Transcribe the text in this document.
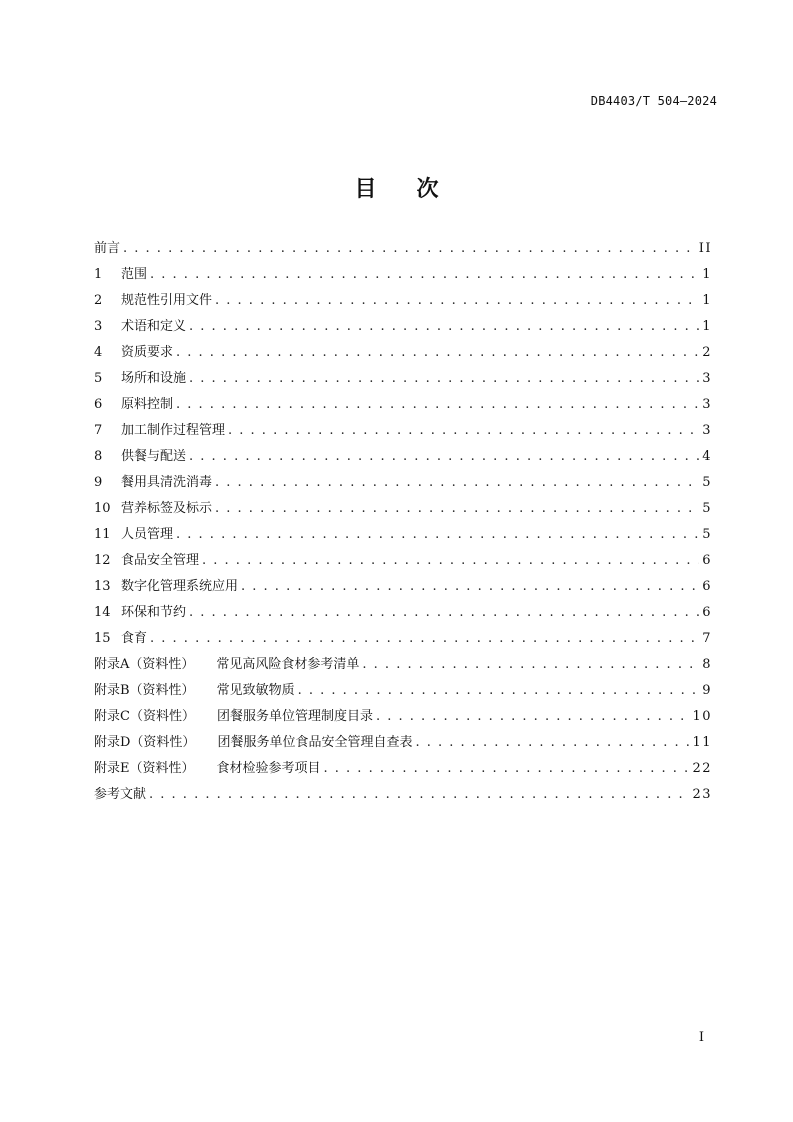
DB4403/T 504—2024
目次
前言 . . .	II
1	范围 . . .	1
2	规范性引用文件 . . .	1
3	术语和定义 . . .	1
4	资质要求 . . .	2
5	场所和设施 . . .	3
6	原料控制 . . .	3
7	加工制作过程管理 . . .	3
8	供餐与配送 . . .	4
9	餐用具清洗消毒 . . .	5
10 营养标签及标示 . . .	5
11 人员管理 . . .	5
12 食品安全管理 . . .	6
13 数字化管理系统应用 . . .	6
14 环保和节约 . . .	6
15 食育 . . .	7
附录A（资料性） 常见高风险食材参考清单 . . .	8
附录B（资料性） 常见致敏物质 . . .	9
附录C（资料性） 团餐服务单位管理制度目录 . . .	10
附录D（资料性） 团餐服务单位食品安全管理自查表 . . .	11
附录E（资料性） 食材检验参考项目 . . .	22
参考文献 . . .	23
I
